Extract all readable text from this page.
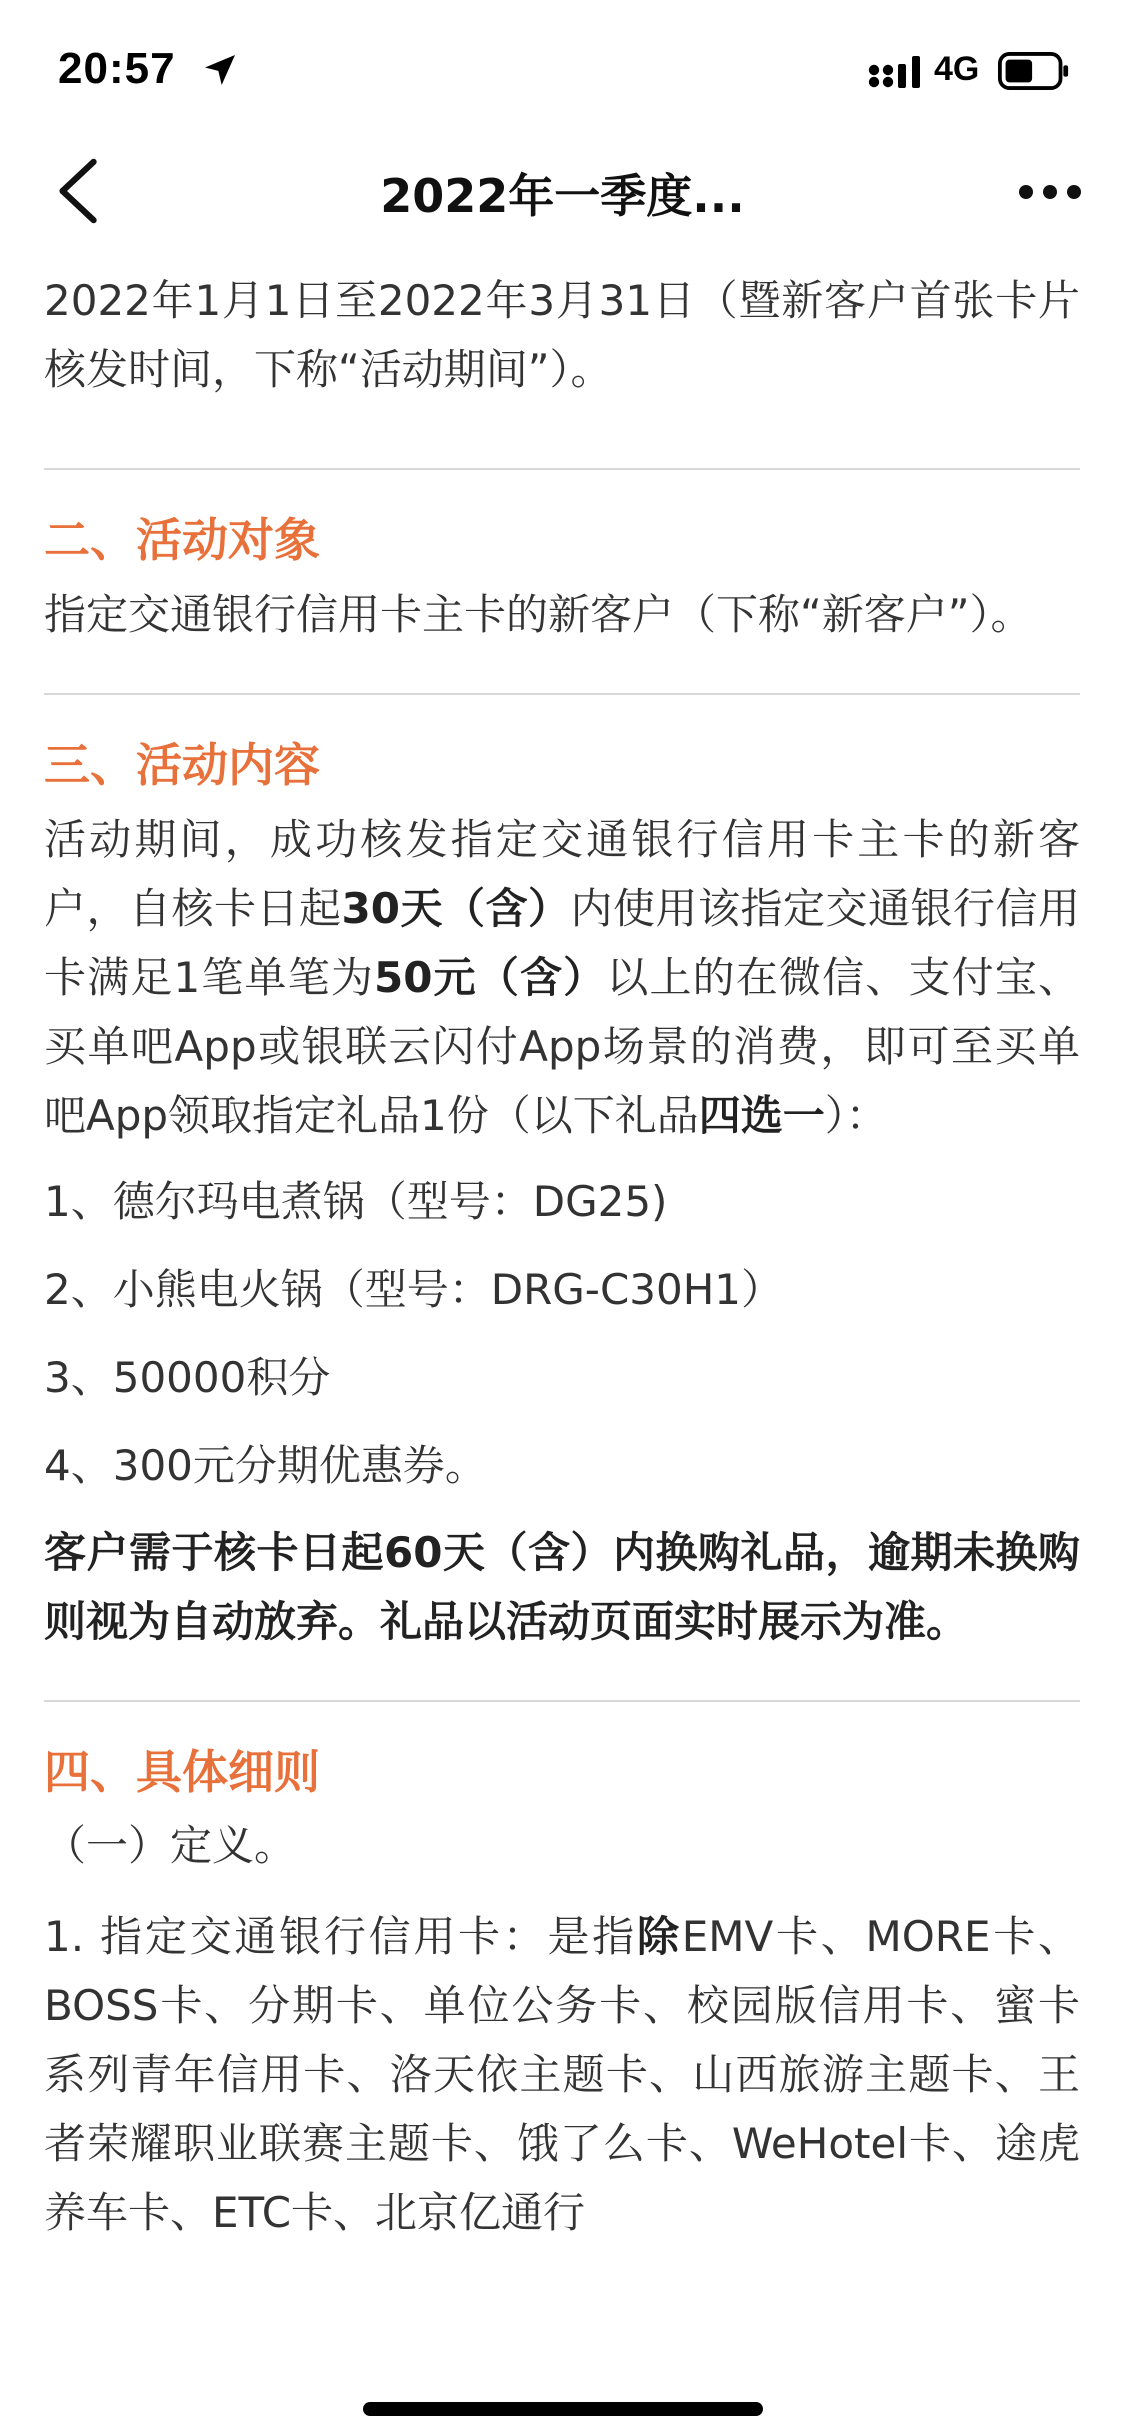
20:57	4G
2022年一季度...

2022年1月1日至2022年3月31日（暨新客户首张卡片核发时间，下称“活动期间”）。

二、活动对象

指定交通银行信用卡主卡的新客户（下称“新客户”）。

三、活动内容

活动期间，成功核发指定交通银行信用卡主卡的新客户，自核卡日起30天（含）内使用该指定交通银行信用卡满足1笔单笔为50元（含）以上的在微信、支付宝、买单吧App或银联云闪付App场景的消费，即可至买单吧App领取指定礼品1份（以下礼品四选一）：

1、德尔玛电煮锅（型号：DG25)

2、小熊电火锅（型号：DRG-C30H1）

3、50000积分

4、300元分期优惠券。

客户需于核卡日起60天（含）内换购礼品，逾期未换购则视为自动放弃。礼品以活动页面实时展示为准。

四、具体细则

（一）定义。

1. 指定交通银行信用卡：是指除EMV卡、MORE卡、BOSS卡、分期卡、单位公务卡、校园版信用卡、蜜卡系列青年信用卡、洛天依主题卡、山西旅游主题卡、王者荣耀职业联赛主题卡、饿了么卡、WeHotel卡、途虎养车卡、ETC卡、北京亿通行
